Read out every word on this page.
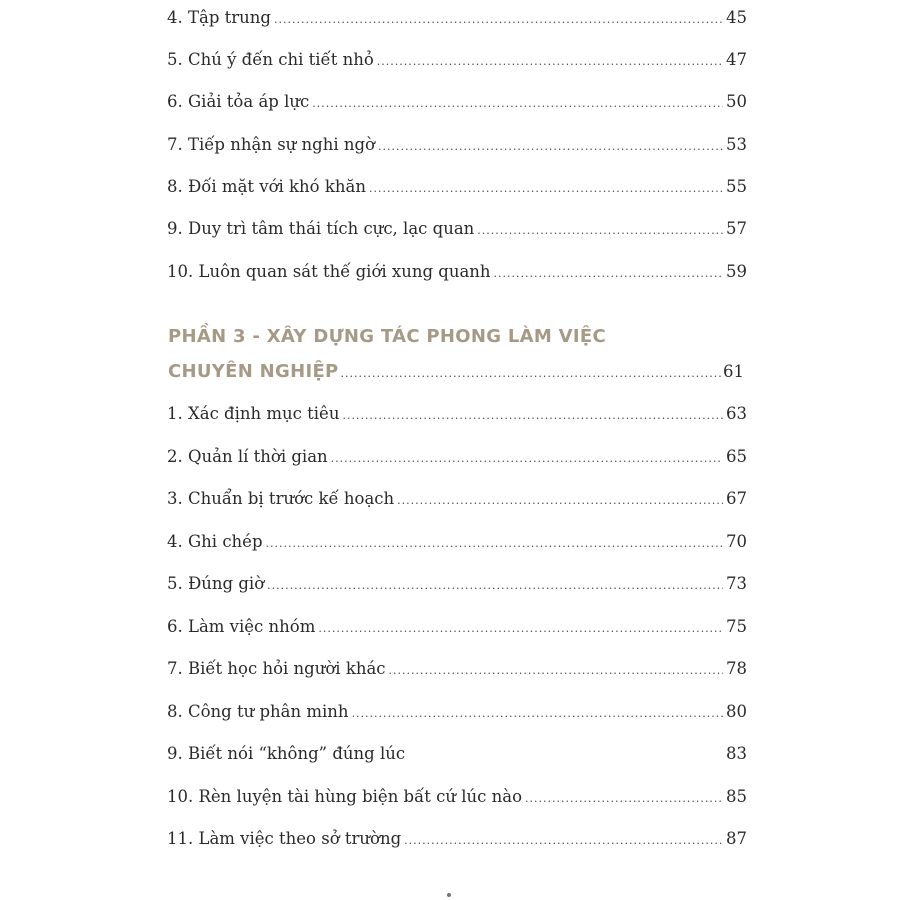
4. Tập trung .....	45
5. Chú ý đến chi tiết nhỏ .....	47
6. Giải tỏa áp lực .....	50
7. Tiếp nhận sự nghi ngờ .....	53
8. Đối mặt với khó khăn .....	55
9. Duy trì tâm thái tích cực, lạc quan .....	57
10. Luôn quan sát thế giới xung quanh .....	59
PHẦN 3 - XÂY DỰNG TÁC PHONG LÀM VIỆC
CHUYÊN NGHIỆP .....	61
1. Xác định mục tiêu .....	63
2. Quản lí thời gian .....	65
3. Chuẩn bị trước kế hoạch .....	67
4. Ghi chép .....	70
5. Đúng giờ .....	73
6. Làm việc nhóm .....	75
7. Biết học hỏi người khác .....	78
8. Công tư phân minh .....	80
9. Biết nói “không” đúng lúc	83
10. Rèn luyện tài hùng biện bất cứ lúc nào .....	85
11. Làm việc theo sở trường .....	87
